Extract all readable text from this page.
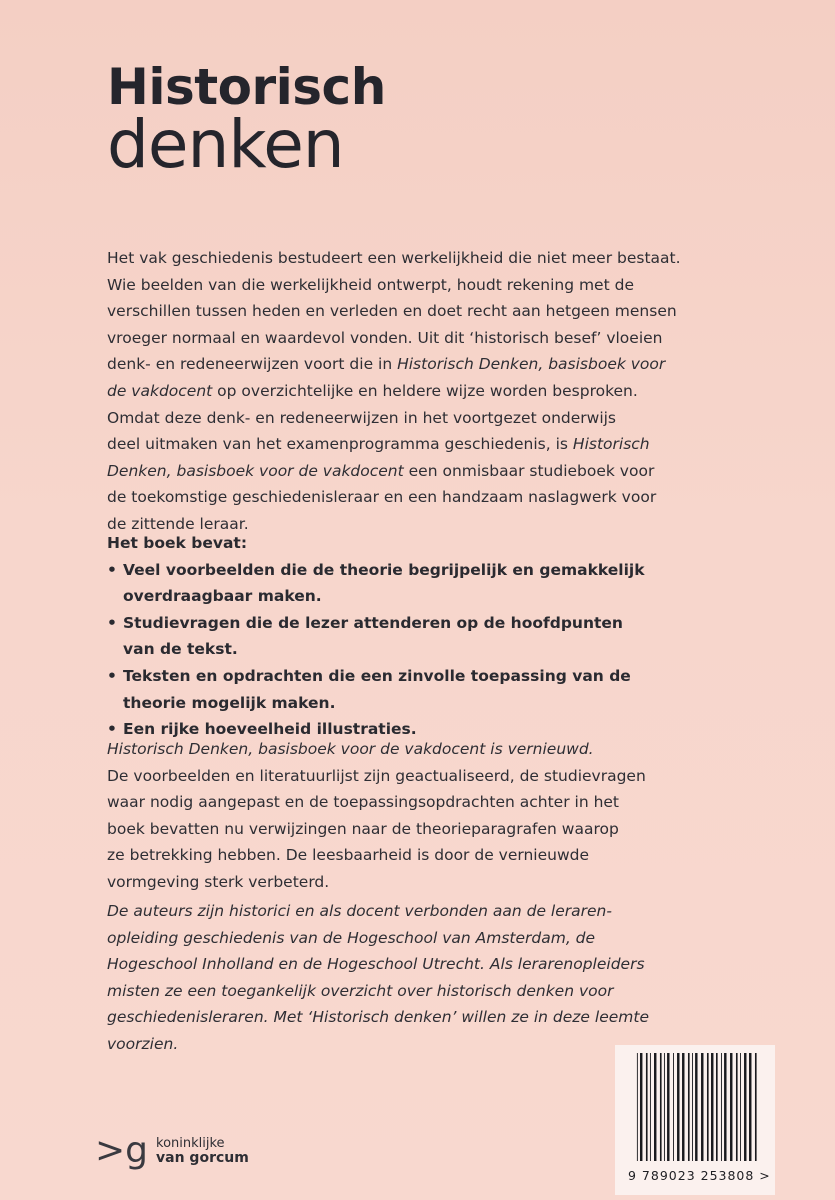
Historisch
denken
Het vak geschiedenis bestudeert een werkelijkheid die niet meer bestaat.
Wie beelden van die werkelijkheid ontwerpt, houdt rekening met de
verschillen tussen heden en verleden en doet recht aan hetgeen mensen
vroeger normaal en waardevol vonden. Uit dit ‘historisch besef’ vloeien
denk- en redeneerwijzen voort die in Historisch Denken, basisboek voor
de vakdocent op overzichtelijke en heldere wijze worden besproken.
Omdat deze denk- en redeneerwijzen in het voortgezet onderwijs
deel uitmaken van het examenprogramma geschiedenis, is Historisch
Denken, basisboek voor de vakdocent een onmisbaar studieboek voor
de toekomstige geschiedenisleraar en een handzaam naslagwerk voor
de zittende leraar.
Het boek bevat:
• Veel voorbeelden die de theorie begrijpelijk en gemakkelijk
overdraagbaar maken.
• Studievragen die de lezer attenderen op de hoofdpunten
van de tekst.
• Teksten en opdrachten die een zinvolle toepassing van de
theorie mogelijk maken.
• Een rijke hoeveelheid illustraties.
Historisch Denken, basisboek voor de vakdocent is vernieuwd.
De voorbeelden en literatuurlijst zijn geactualiseerd, de studievragen
waar nodig aangepast en de toepassingsopdrachten achter in het
boek bevatten nu verwijzingen naar de theorieparagrafen waarop
ze betrekking hebben. De leesbaarheid is door de vernieuwde
vormgeving sterk verbeterd.
De auteurs zijn historici en als docent verbonden aan de leraren-
opleiding geschiedenis van de Hogeschool van Amsterdam, de
Hogeschool Inholland en de Hogeschool Utrecht. Als lerarenopleiders
misten ze een toegankelijk overzicht over historisch denken voor
geschiedenisleraren. Met ‘Historisch denken’ willen ze in deze leemte
voorzien.
>g koninklijke
van gorcum
9 789023 253808 >
